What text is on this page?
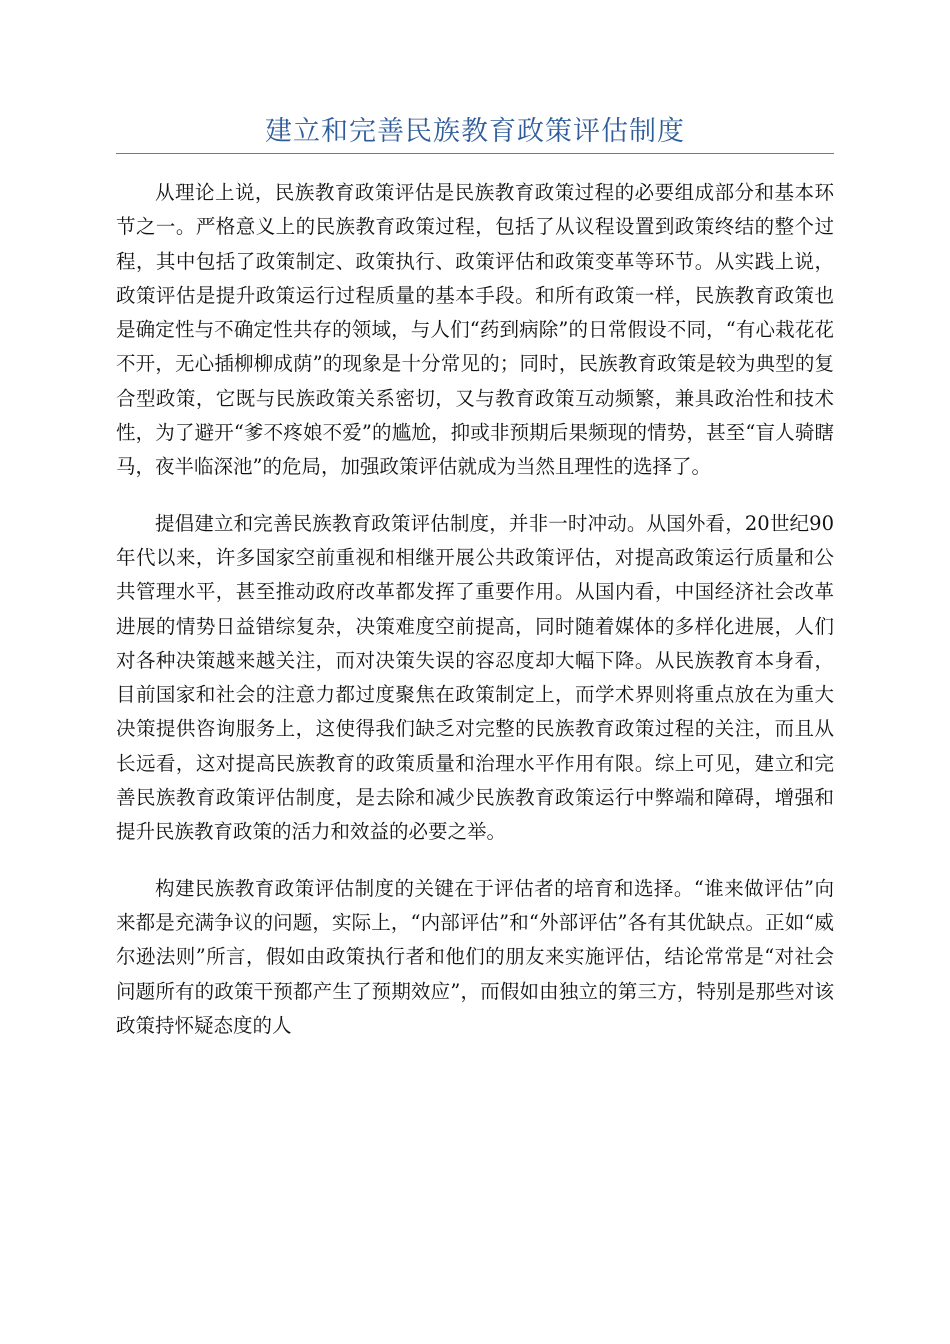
建立和完善民族教育政策评估制度

从理论上说，民族教育政策评估是民族教育政策过程的必要组成部分和基本环节之一。严格意义上的民族教育政策过程，包括了从议程设置到政策终结的整个过程，其中包括了政策制定、政策执行、政策评估和政策变革等环节。从实践上说，政策评估是提升政策运行过程质量的基本手段。和所有政策一样，民族教育政策也是确定性与不确定性共存的领域，与人们“药到病除”的日常假设不同，“有心栽花花不开，无心插柳柳成荫”的现象是十分常见的；同时，民族教育政策是较为典型的复合型政策，它既与民族政策关系密切，又与教育政策互动频繁，兼具政治性和技术性，为了避开“爹不疼娘不爱”的尴尬，抑或非预期后果频现的情势，甚至“盲人骑瞎马，夜半临深池”的危局，加强政策评估就成为当然且理性的选择了。

提倡建立和完善民族教育政策评估制度，并非一时冲动。从国外看，20世纪90年代以来，许多国家空前重视和相继开展公共政策评估，对提高政策运行质量和公共管理水平，甚至推动政府改革都发挥了重要作用。从国内看，中国经济社会改革进展的情势日益错综复杂，决策难度空前提高，同时随着媒体的多样化进展，人们对各种决策越来越关注，而对决策失误的容忍度却大幅下降。从民族教育本身看，目前国家和社会的注意力都过度聚焦在政策制定上，而学术界则将重点放在为重大决策提供咨询服务上，这使得我们缺乏对完整的民族教育政策过程的关注，而且从长远看，这对提高民族教育的政策质量和治理水平作用有限。综上可见，建立和完善民族教育政策评估制度，是去除和减少民族教育政策运行中弊端和障碍，增强和提升民族教育政策的活力和效益的必要之举。

构建民族教育政策评估制度的关键在于评估者的培育和选择。“谁来做评估”向来都是充满争议的问题，实际上，“内部评估”和“外部评估”各有其优缺点。正如“威尔逊法则”所言，假如由政策执行者和他们的朋友来实施评估，结论常常是“对社会问题所有的政策干预都产生了预期效应”，而假如由独立的第三方，特别是那些对该政策持怀疑态度的人
